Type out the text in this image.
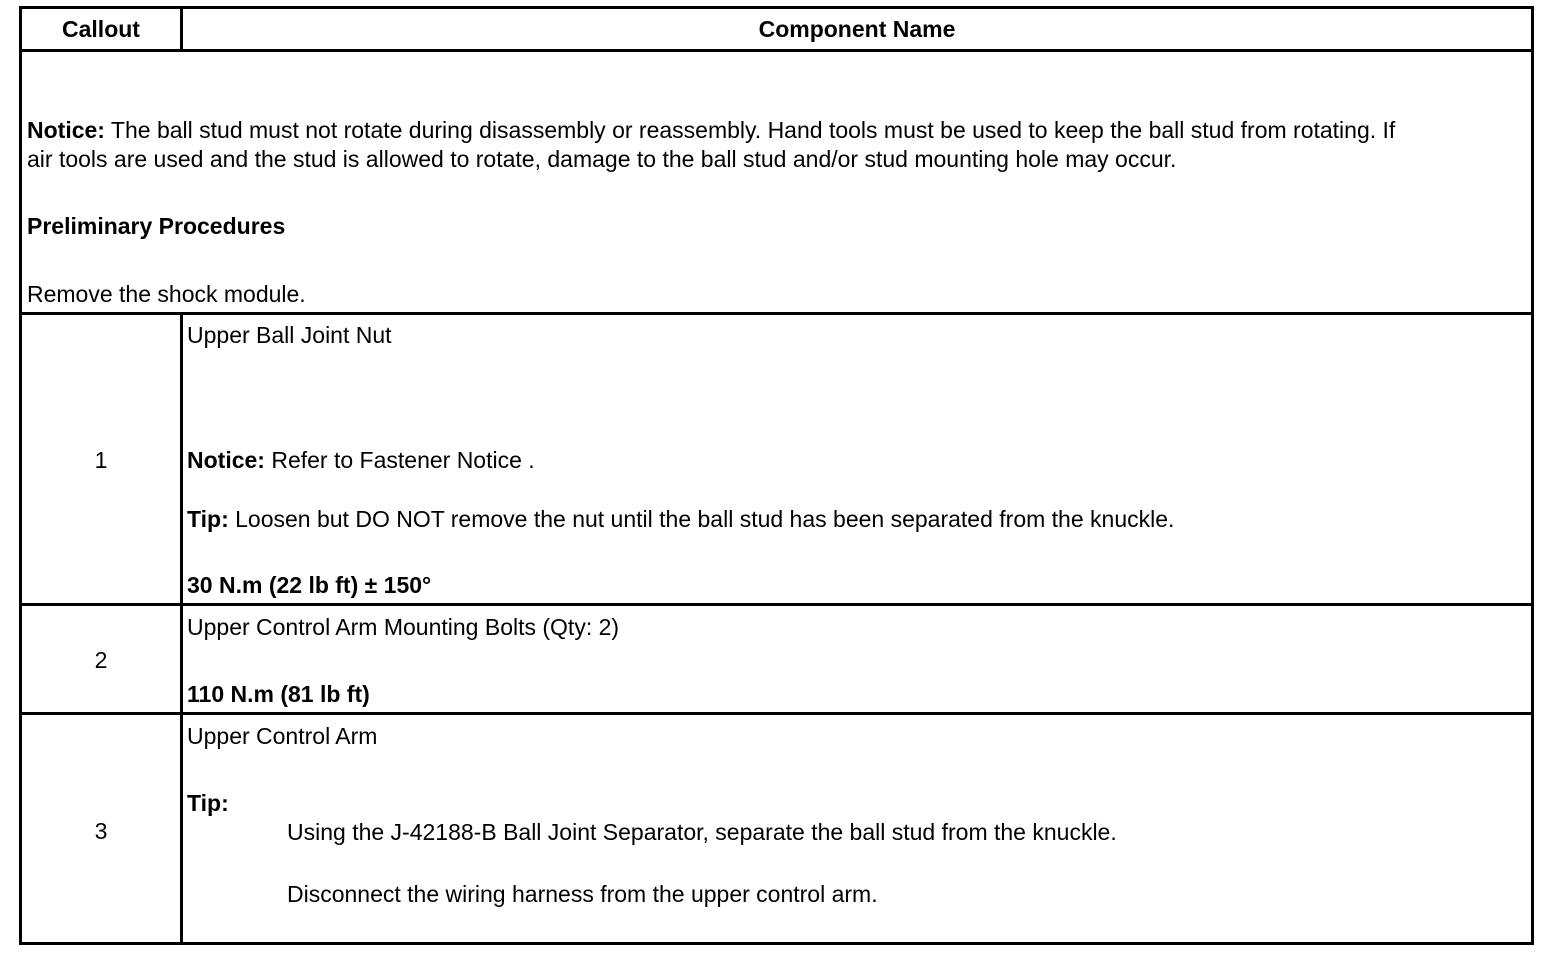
Callout	Component Name
Notice: The ball stud must not rotate during disassembly or reassembly. Hand tools must be used to keep the ball stud from rotating. If
air tools are used and the stud is allowed to rotate, damage to the ball stud and/or stud mounting hole may occur.
Preliminary Procedures
Remove the shock module.
1
Upper Ball Joint Nut
Notice: Refer to Fastener Notice .
Tip: Loosen but DO NOT remove the nut until the ball stud has been separated from the knuckle.
30 N.m (22 lb ft) ± 150°
2
Upper Control Arm Mounting Bolts (Qty: 2)
110 N.m (81 lb ft)
3
Upper Control Arm
Tip:
Using the J-42188-B Ball Joint Separator, separate the ball stud from the knuckle.
Disconnect the wiring harness from the upper control arm.
